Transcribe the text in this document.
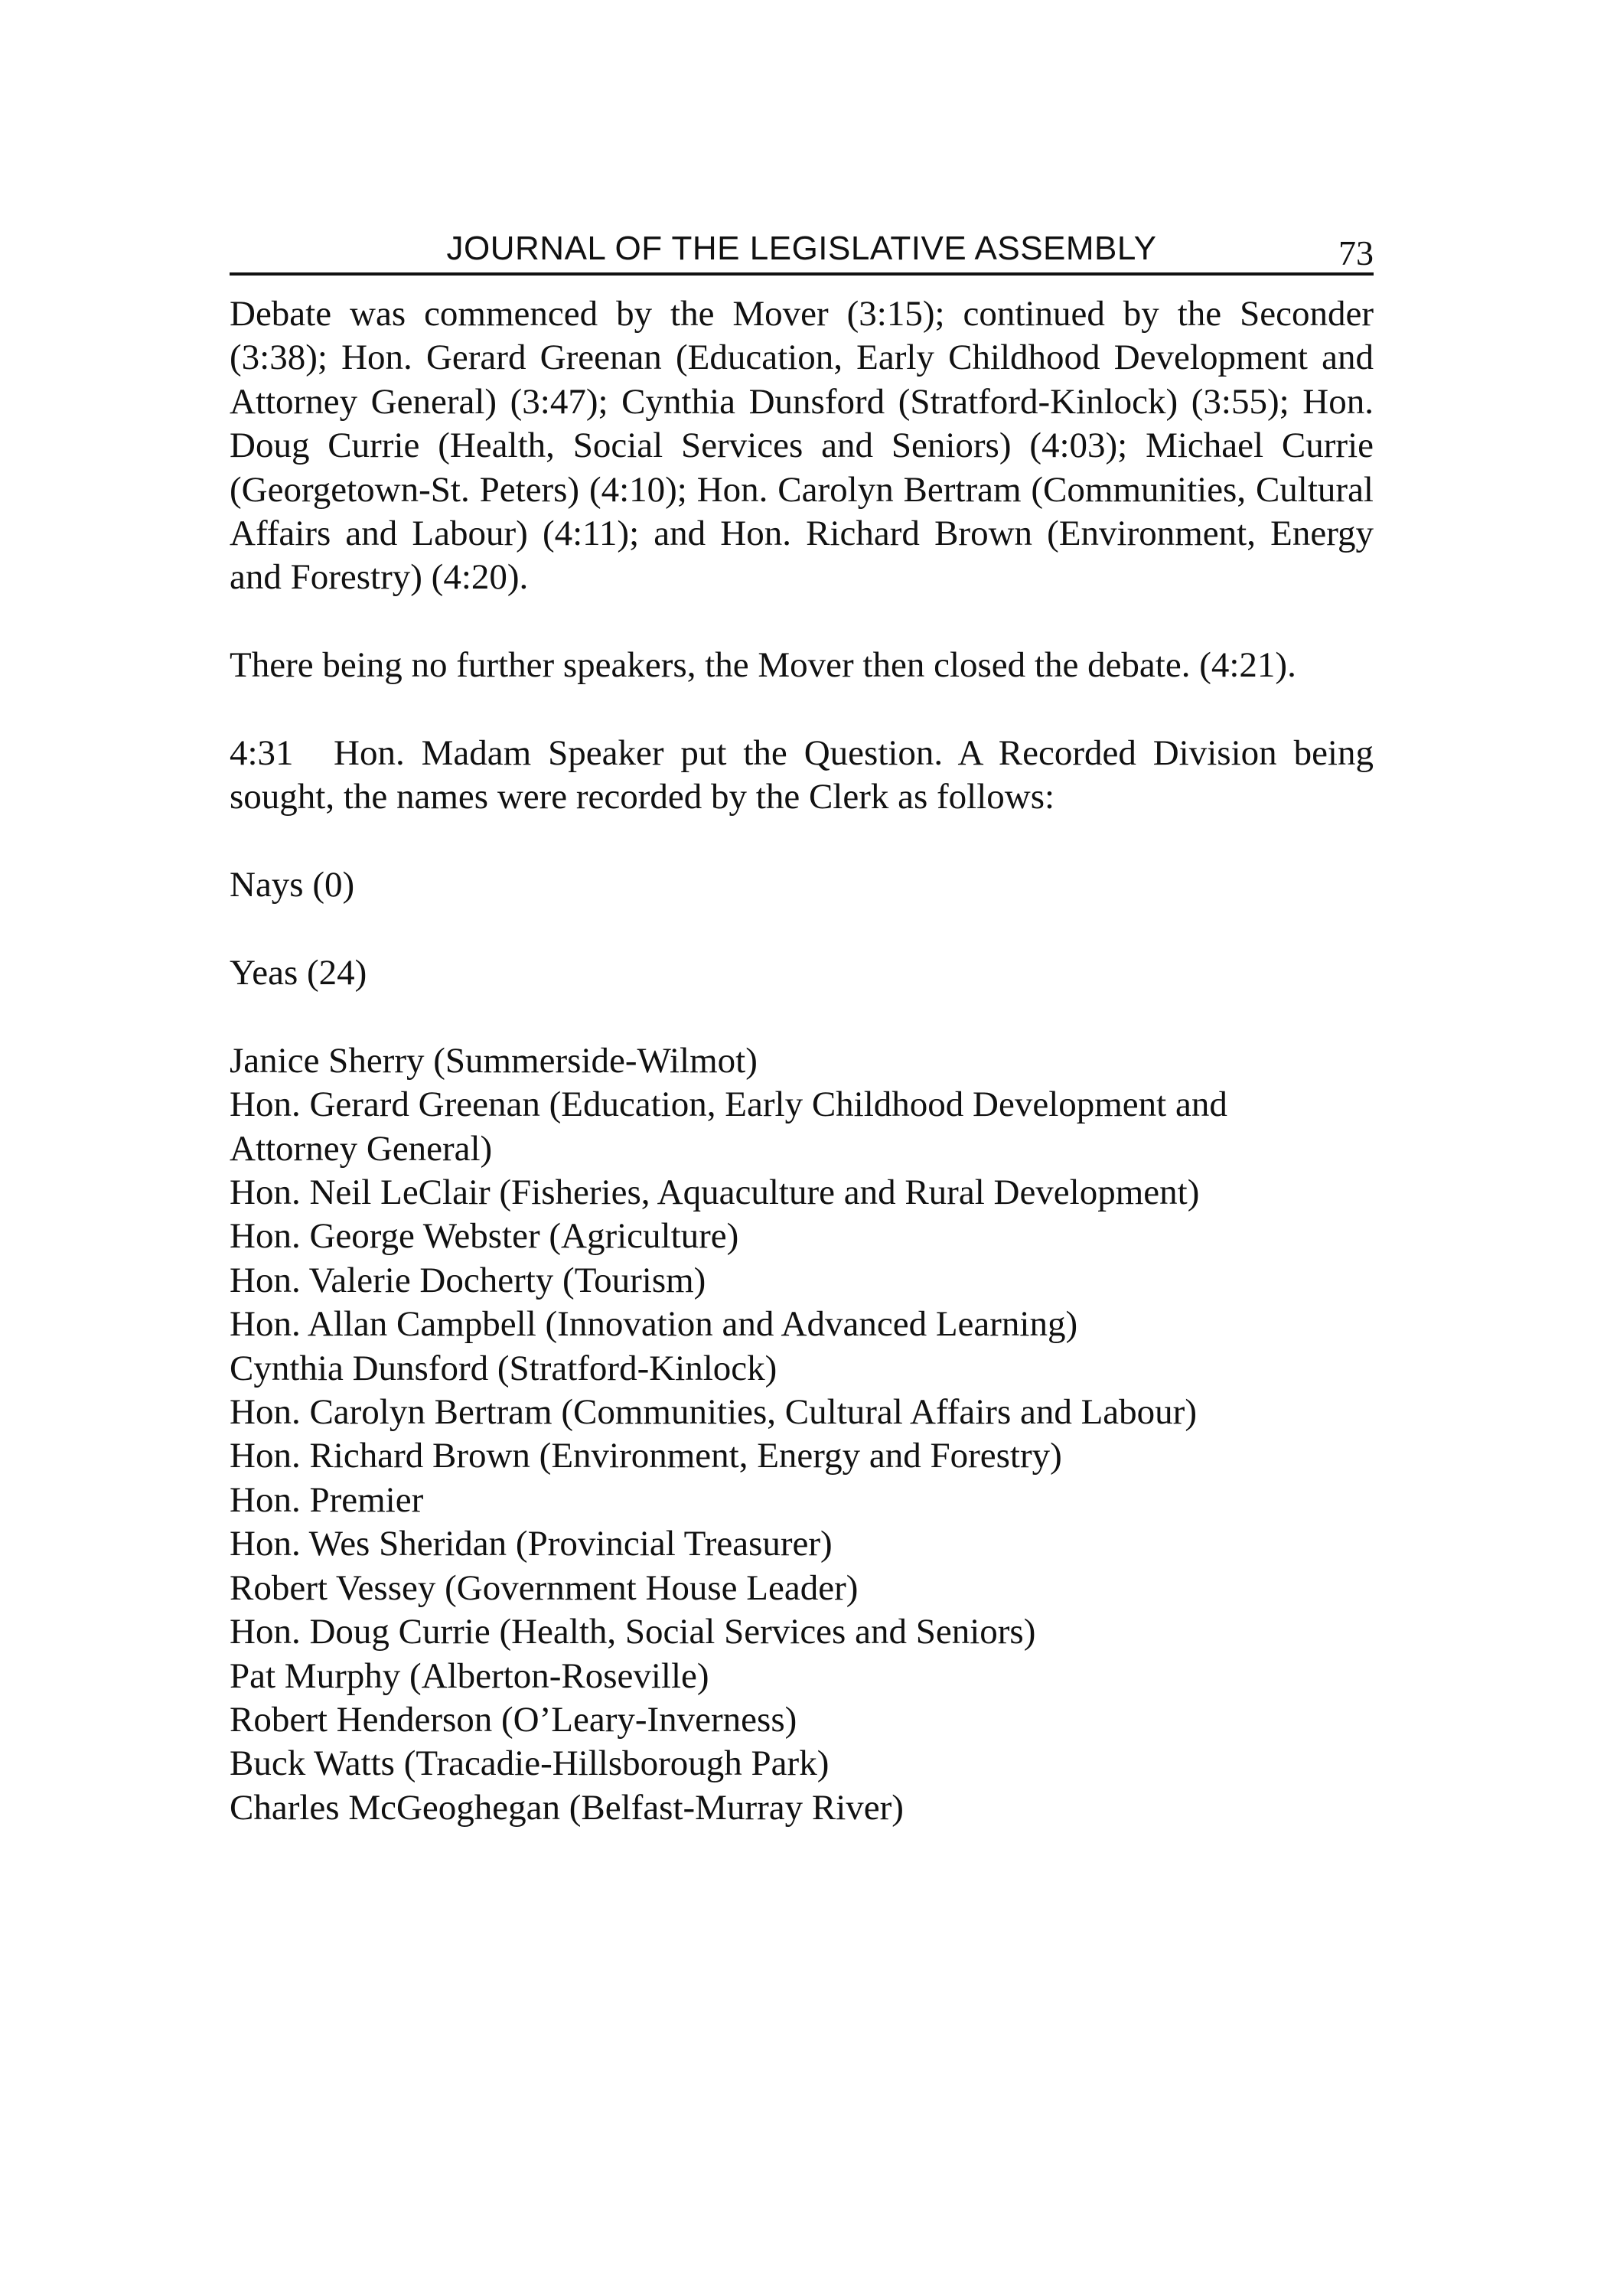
JOURNAL OF THE LEGISLATIVE ASSEMBLY	73

Debate was commenced by the Mover (3:15); continued by the Seconder (3:38); Hon. Gerard Greenan (Education, Early Childhood Development and Attorney General) (3:47); Cynthia Dunsford (Stratford-Kinlock) (3:55); Hon. Doug Currie (Health, Social Services and Seniors) (4:03); Michael Currie (Georgetown-St. Peters) (4:10); Hon. Carolyn Bertram (Communities, Cultural Affairs and Labour) (4:11); and Hon. Richard Brown (Environment, Energy and Forestry) (4:20).

There being no further speakers, the Mover then closed the debate. (4:21).

4:31 Hon. Madam Speaker put the Question. A Recorded Division being sought, the names were recorded by the Clerk as follows:

Nays (0)

Yeas (24)

Janice Sherry (Summerside-Wilmot)
Hon. Gerard Greenan (Education, Early Childhood Development and Attorney General)
Hon. Neil LeClair (Fisheries, Aquaculture and Rural Development)
Hon. George Webster (Agriculture)
Hon. Valerie Docherty (Tourism)
Hon. Allan Campbell (Innovation and Advanced Learning)
Cynthia Dunsford (Stratford-Kinlock)
Hon. Carolyn Bertram (Communities, Cultural Affairs and Labour)
Hon. Richard Brown (Environment, Energy and Forestry)
Hon. Premier
Hon. Wes Sheridan (Provincial Treasurer)
Robert Vessey (Government House Leader)
Hon. Doug Currie (Health, Social Services and Seniors)
Pat Murphy (Alberton-Roseville)
Robert Henderson (O’Leary-Inverness)
Buck Watts (Tracadie-Hillsborough Park)
Charles McGeoghegan (Belfast-Murray River)
